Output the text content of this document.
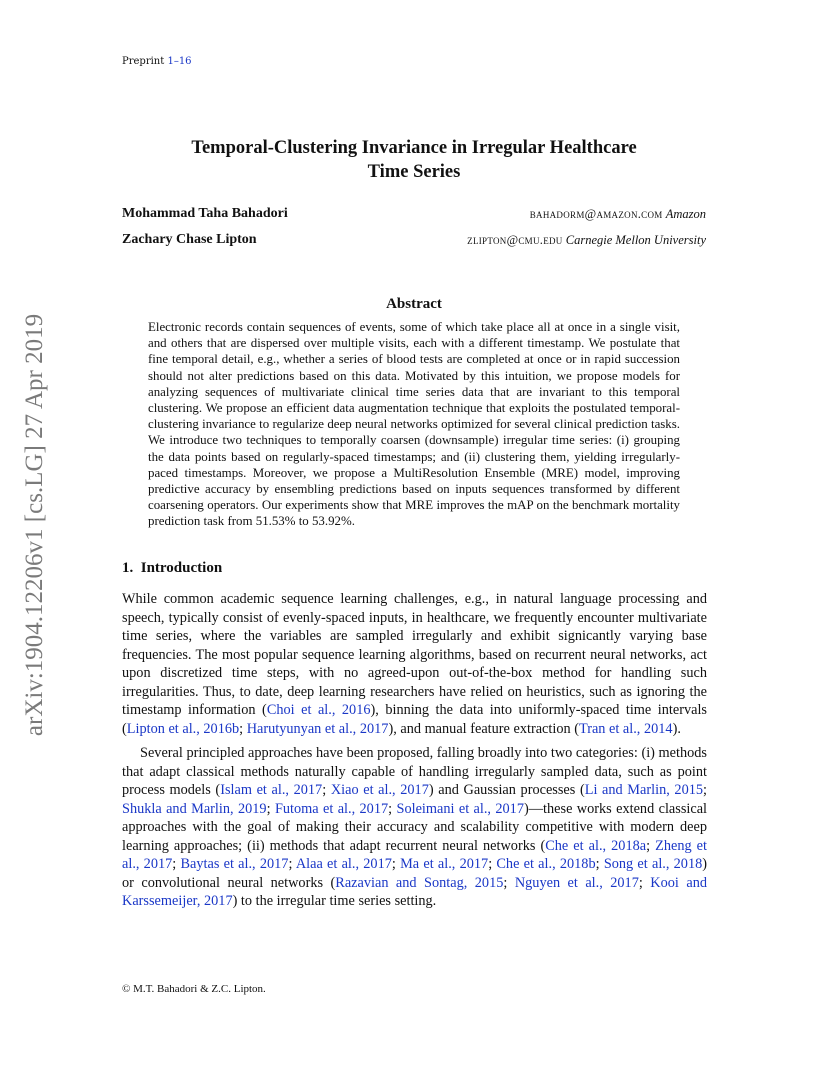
Preprint 1–16
Temporal-Clustering Invariance in Irregular Healthcare
Time Series
Mohammad Taha Bahadori	bahadorm@amazon.com Amazon
Zachary Chase Lipton	zlipton@cmu.edu Carnegie Mellon University
arXiv:1904.12206v1 [cs.LG] 27 Apr 2019
Abstract
Electronic records contain sequences of events, some of which take place all at once in a single visit, and others that are dispersed over multiple visits, each with a different timestamp. We postulate that fine temporal detail, e.g., whether a series of blood tests are completed at once or in rapid succession should not alter predictions based on this data. Motivated by this intuition, we propose models for analyzing sequences of multivariate clinical time series data that are invariant to this temporal clustering. We propose an efficient data augmentation technique that exploits the postulated temporal-clustering invariance to regularize deep neural networks optimized for several clinical prediction tasks. We introduce two techniques to temporally coarsen (downsample) irregular time series: (i) grouping the data points based on regularly-spaced timestamps; and (ii) clustering them, yielding irregularly-paced timestamps. Moreover, we propose a MultiResolution Ensemble (MRE) model, improving predictive accuracy by ensembling predictions based on inputs sequences transformed by different coarsening operators. Our experiments show that MRE improves the mAP on the benchmark mortality prediction task from 51.53% to 53.92%.
1. Introduction
While common academic sequence learning challenges, e.g., in natural language processing and speech, typically consist of evenly-spaced inputs, in healthcare, we frequently encounter multivariate time series, where the variables are sampled irregularly and exhibit signicantly varying base frequencies. The most popular sequence learning algorithms, based on recurrent neural networks, act upon discretized time steps, with no agreed-upon out-of-the-box method for handling such irregularities. Thus, to date, deep learning researchers have relied on heuristics, such as ignoring the timestamp information (Choi et al., 2016), binning the data into uniformly-spaced time intervals (Lipton et al., 2016b; Harutyunyan et al., 2017), and manual feature extraction (Tran et al., 2014).
Several principled approaches have been proposed, falling broadly into two categories: (i) methods that adapt classical methods naturally capable of handling irregularly sampled data, such as point process models (Islam et al., 2017; Xiao et al., 2017) and Gaussian processes (Li and Marlin, 2015; Shukla and Marlin, 2019; Futoma et al., 2017; Soleimani et al., 2017)—these works extend classical approaches with the goal of making their accuracy and scalability competitive with modern deep learning approaches; (ii) methods that adapt recurrent neural networks (Che et al., 2018a; Zheng et al., 2017; Baytas et al., 2017; Alaa et al., 2017; Ma et al., 2017; Che et al., 2018b; Song et al., 2018) or convolutional neural networks (Razavian and Sontag, 2015; Nguyen et al., 2017; Kooi and Karssemeijer, 2017) to the irregular time series setting.
© M.T. Bahadori & Z.C. Lipton.
